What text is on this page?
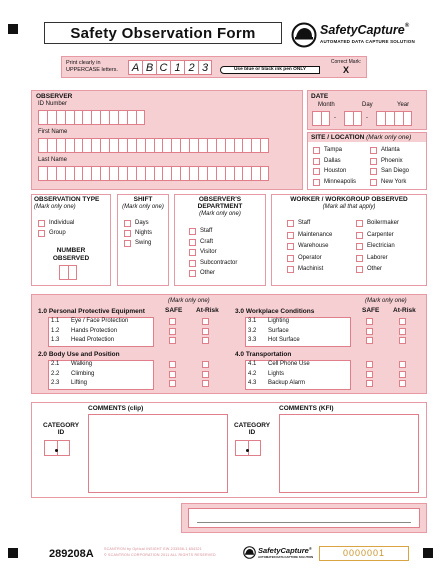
Safety Observation Form	SafetyCapture®
AUTOMATED DATA CAPTURE SOLUTION
Print clearly in
UPPERCASE letters.	A B C 1 2 3	Use blue or black ink pen ONLY
Correct Mark:
X
OBSERVER
ID Number
First Name
Last Name
DATE
Month	Day	Year
-	-
SITE / LOCATION (Mark only one)
Tampa
Dallas
Houston
Minneapolis
Atlanta
Phoenix
San Diego
New York
OBSERVATION TYPE
(Mark only one)
NUMBER
OBSERVED
Individual
Group
SHIFT
(Mark only one)
Days
Nights
Swing
OBSERVER'S
DEPARTMENT
(Mark only one)
Staff
Craft
Visitor
Subcontractor
Other
WORKER / WORKGROUP OBSERVED
(Mark all that apply)
Staff
Maintenance
Warehouse
Operator
Machinist
Boilermaker
Carpenter
Electrician
Laborer
Other
(Mark only one)	(Mark only one)
SAFE At-Risk	SAFE At-Risk
1.0 Personal Protective Equipment
1.1 Eye / Face Protection
1.2 Hands Protection
1.3 Head Protection
2.0 Body Use and Position
2.1 Walking
2.2 Climbing
2.3 Lifting
3.0 Workplace Conditions
3.1 Lighting
3.2 Surface
3.3 Hot Surface
4.0 Transportation
4.1 Cell Phone Use
4.2 Lights
4.3 Backup Alarm
CATEGORY
ID
COMMENTS (clip)
CATEGORY
ID
COMMENTS (KFI)
289208A	SCANTRON by Optical INSIGHT EW-233558-1 654321
© SCANTRON CORPORATION 2011 ALL RIGHTS RESERVED	SafetyCapture®
AUTOMATED DATA CAPTURE SOLUTION	0000001
